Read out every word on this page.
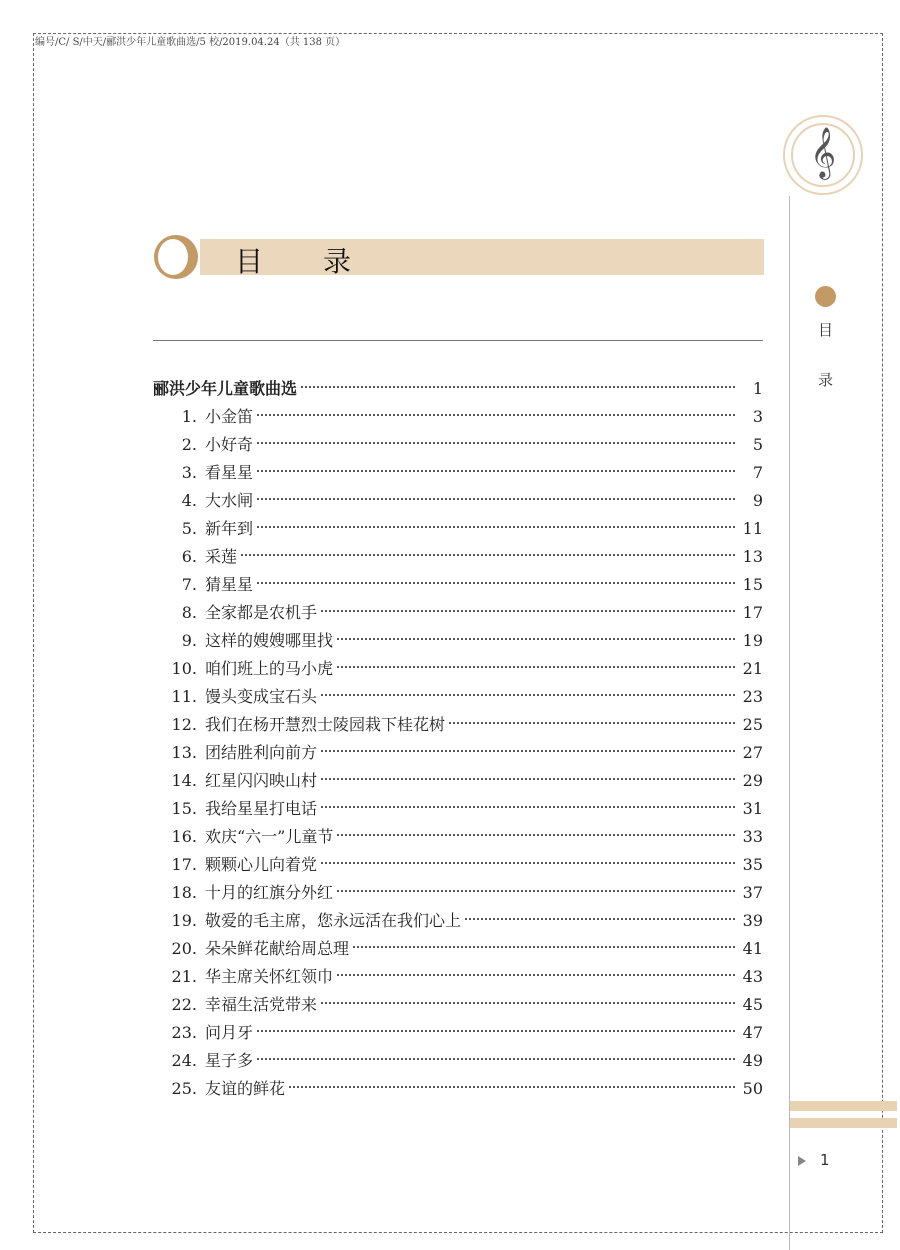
编号/C/ S/中天/郦洪少年儿童歌曲选/5 校/2019.04.24（共 138 页）
𝄞
目
录
1
目录
郦洪少年儿童歌曲选	1
1. 小金笛	3
2. 小好奇	5
3. 看星星	7
4. 大水闸	9
5. 新年到	11
6. 采莲	13
7. 猜星星	15
8. 全家都是农机手	17
9. 这样的嫂嫂哪里找	19
10. 咱们班上的马小虎	21
11. 馒头变成宝石头	23
12. 我们在杨开慧烈士陵园栽下桂花树	25
13. 团结胜利向前方	27
14. 红星闪闪映山村	29
15. 我给星星打电话	31
16. 欢庆“六一”儿童节	33
17. 颗颗心儿向着党	35
18. 十月的红旗分外红	37
19. 敬爱的毛主席，您永远活在我们心上	39
20. 朵朵鲜花献给周总理	41
21. 华主席关怀红领巾	43
22. 幸福生活党带来	45
23. 问月牙	47
24. 星子多	49
25. 友谊的鲜花	50
